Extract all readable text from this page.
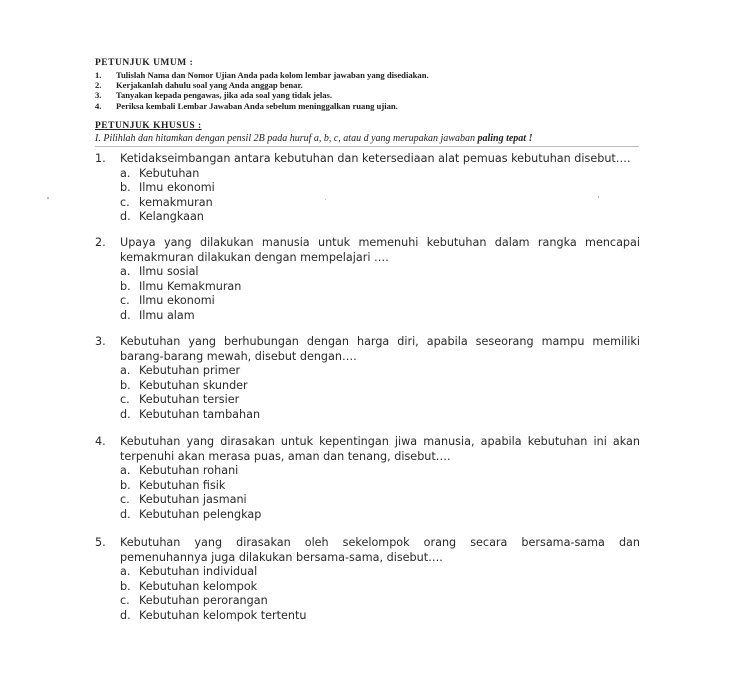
PETUNJUK UMUM :
1. Tulislah Nama dan Nomor Ujian Anda pada kolom lembar jawaban yang disediakan.
2. Kerjakanlah dahulu soal yang Anda anggap benar.
3. Tanyakan kepada pengawas, jika ada soal yang tidak jelas.
4. Periksa kembali Lembar Jawaban Anda sebelum meninggalkan ruang ujian.
PETUNJUK KHUSUS :
I. Pilihlah dan hitamkan dengan pensil 2B pada huruf a, b, c, atau d yang merupakan jawaban paling tepat !
1. Ketidakseimbangan antara kebutuhan dan ketersediaan alat pemuas kebutuhan disebut….
a. Kebutuhan
b. Ilmu ekonomi
c. kemakmuran
d. Kelangkaan
2. Upaya yang dilakukan manusia untuk memenuhi kebutuhan dalam rangka mencapai kemakmuran dilakukan dengan mempelajari ….
a. Ilmu sosial
b. Ilmu Kemakmuran
c. Ilmu ekonomi
d. Ilmu alam
3. Kebutuhan yang berhubungan dengan harga diri, apabila seseorang mampu memiliki barang-barang mewah, disebut dengan….
a. Kebutuhan primer
b. Kebutuhan skunder
c. Kebutuhan tersier
d. Kebutuhan tambahan
4. Kebutuhan yang dirasakan untuk kepentingan jiwa manusia, apabila kebutuhan ini akan terpenuhi akan merasa puas, aman dan tenang, disebut….
a. Kebutuhan rohani
b. Kebutuhan fisik
c. Kebutuhan jasmani
d. Kebutuhan pelengkap
5. Kebutuhan yang dirasakan oleh sekelompok orang secara bersama-sama dan pemenuhannya juga dilakukan bersama-sama, disebut….
a. Kebutuhan individual
b. Kebutuhan kelompok
c. Kebutuhan perorangan
d. Kebutuhan kelompok tertentu
